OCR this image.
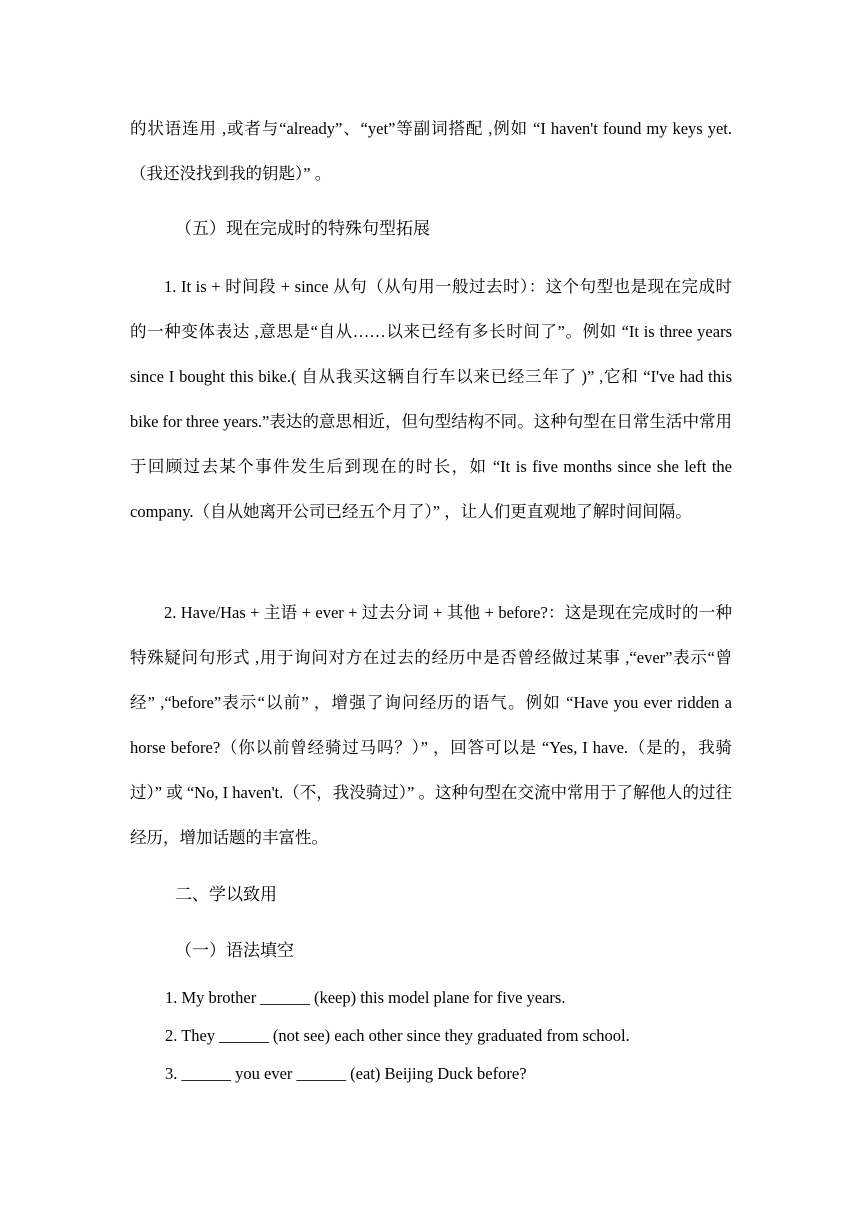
的状语连用 ,或者与“already”、“yet”等副词搭配 ,例如 “I haven't found my keys yet.（我还没找到我的钥匙）” 。

（五）现在完成时的特殊句型拓展

1. It is + 时间段 + since 从句（从句用一般过去时）：这个句型也是现在完成时的一种变体表达 ,意思是“自从……以来已经有多长时间了”。例如 “It is three years since I bought this bike.( 自从我买这辆自行车以来已经三年了 )” ,它和 “I've had this bike for three years.”表达的意思相近，但句型结构不同。这种句型在日常生活中常用于回顾过去某个事件发生后到现在的时长，如 “It is five months since she left the company.（自从她离开公司已经五个月了）” ，让人们更直观地了解时间间隔。

2. Have/Has + 主语 + ever + 过去分词 + 其他 + before?：这是现在完成时的一种特殊疑问句形式 ,用于询问对方在过去的经历中是否曾经做过某事 ,“ever”表示“曾经” ,“before”表示“以前” ，增强了询问经历的语气。例如 “Have you ever ridden a horse before?（你以前曾经骑过马吗？）” ，回答可以是 “Yes, I have.（是的，我骑过）” 或 “No, I haven't.（不，我没骑过）” 。这种句型在交流中常用于了解他人的过往经历，增加话题的丰富性。

二、学以致用

（一）语法填空

1. My brother ______ (keep) this model plane for five years.

2. They ______ (not see) each other since they graduated from school.

3. ______ you ever ______ (eat) Beijing Duck before?
